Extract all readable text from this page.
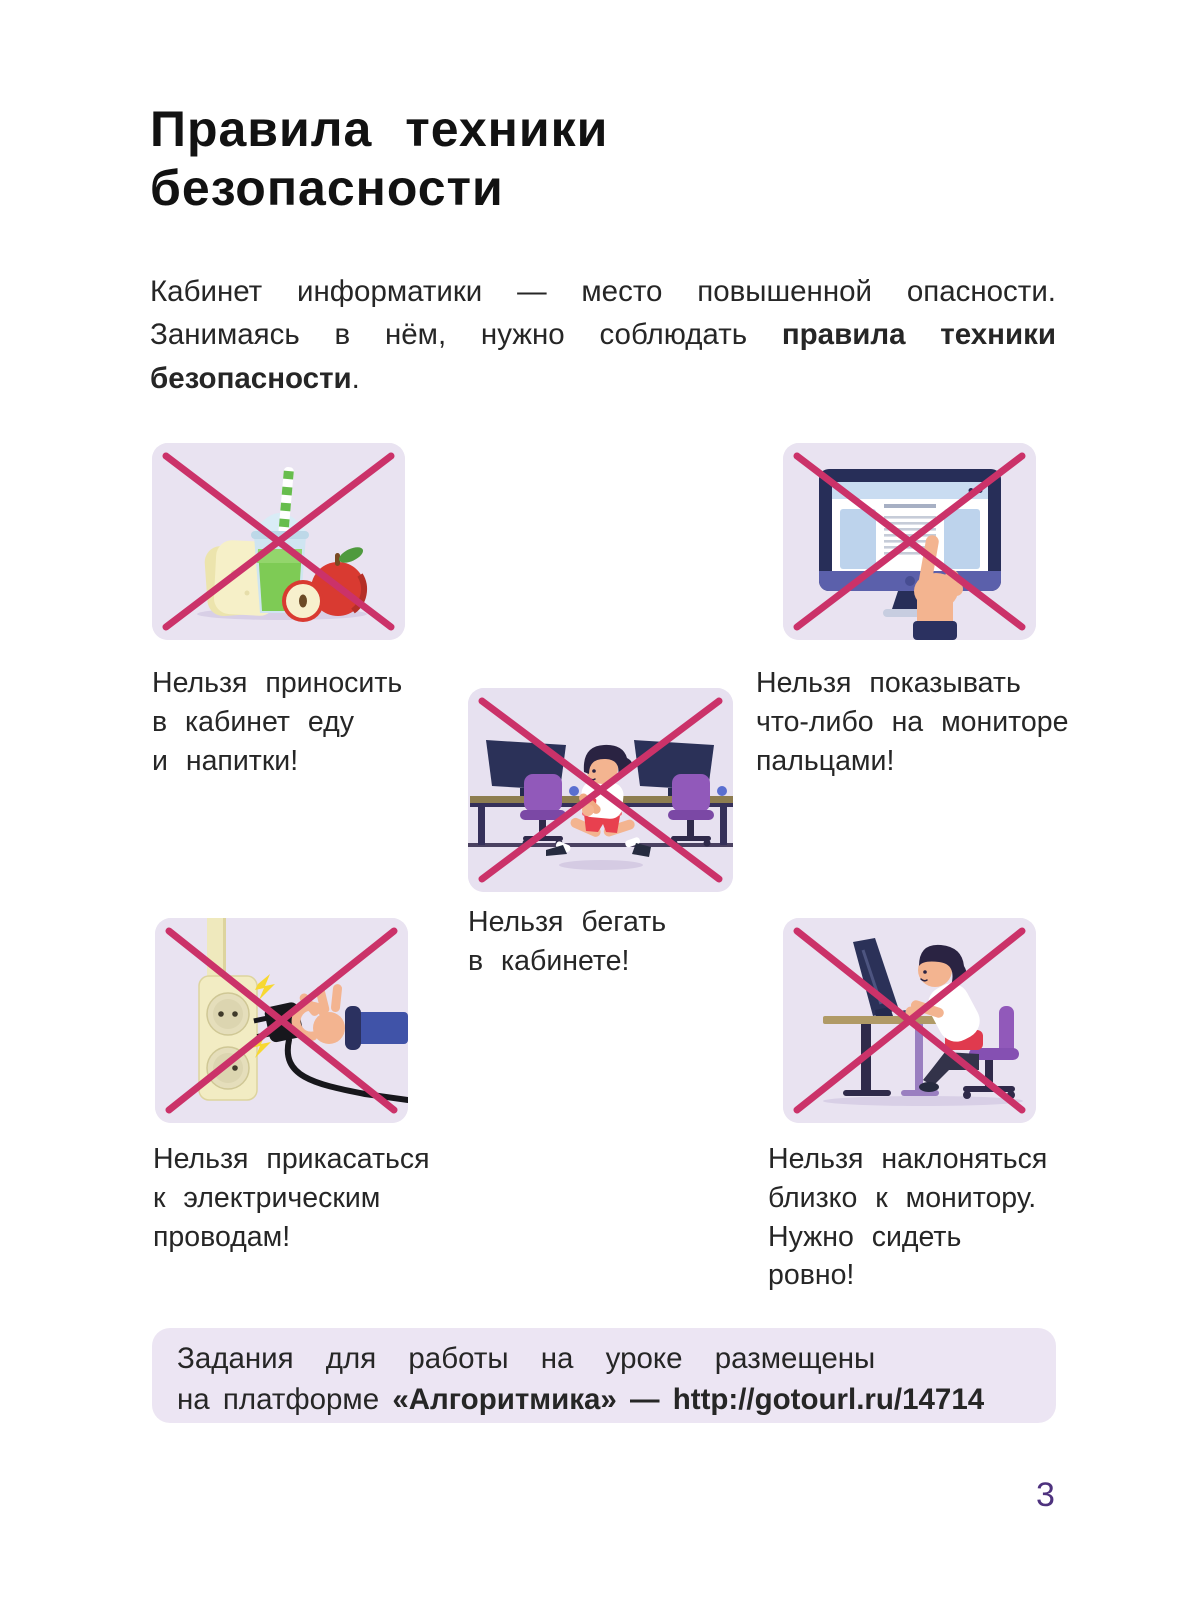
Правила техники
безопасности
Кабинет информатики — место повышенной опасности.
Занимаясь в нём, нужно соблюдать правила техники
безопасности.
Нельзя приносить
в кабинет еду
и напитки!
Нельзя показывать
что-либо на мониторе
пальцами!
Нельзя бегать
в кабинете!
Нельзя прикасаться
к электрическим
проводам!
Нельзя наклоняться
близко к монитору.
Нужно сидеть
ровно!
Задания для работы на уроке размещены
на платформе «Алгоритмика» — http://gotourl.ru/14714
3
